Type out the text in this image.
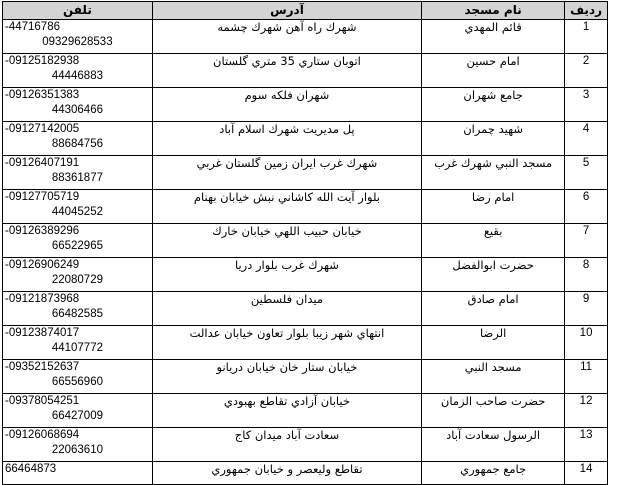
تلفن	آدرس	نام مسجد	رديف

-44716786
09329628533	شهرك راه آهن شهرك چشمه	قائم المهدي	1

-09125182938
44446883	اتوبان ستاري 35 متري گلستان	امام حسين	2

-09126351383
44306466	شهران فلكه سوم	جامع شهران	3

-09127142005
88684756	پل مديريت شهرك اسلام آباد	شهيد چمران	4

-09126407191
88361877	شهرك غرب ايران زمين گلستان غربي	مسجد النبي شهرك غرب	5

-09127705719
44045252	بلوار آيت الله كاشاني نبش خيابان بهنام	امام رضا	6

-09126389296
66522965	خيابان حبيب اللهي خيابان خارك	بقيع	7

-09126906249
22080729	شهرك غرب بلوار دريا	حضرت ابوالفضل	8

-09121873968
66482585	ميدان فلسطين	امام صادق	9

-09123874017
44107772	انتهاي شهر زيبا بلوار تعاون خيابان عدالت	الرضا	10

-09352152637
66556960	خيابان ستار خان خيابان دريانو	مسجد النبي	11

-09378054251
66427009	خيابان آزادي تقاطع بهبودي	حضرت صاحب الزمان	12

-09126068694
22063610	سعادت آباد ميدان كاج	الرسول سعادت آباد	13

66464873	تقاطع وليعصر و خيابان جمهوري	جامع جمهوري	14
